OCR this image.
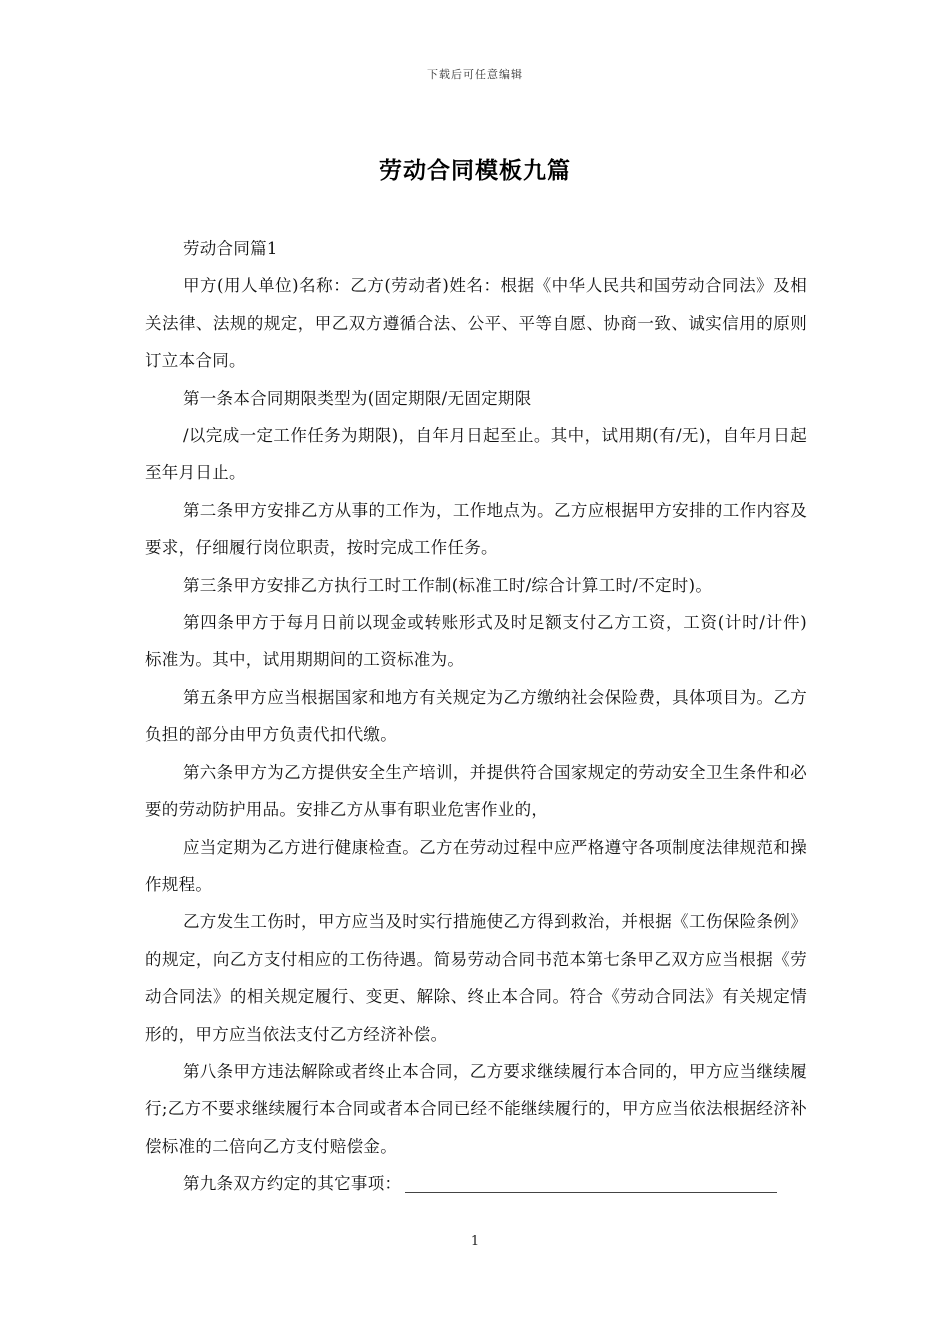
下载后可任意编辑
劳动合同模板九篇

劳动合同篇1

甲方(用人单位)名称：乙方(劳动者)姓名：根据《中华人民共和国劳动合同法》及相关法律、法规的规定，甲乙双方遵循合法、公平、平等自愿、协商一致、诚实信用的原则订立本合同。

第一条本合同期限类型为(固定期限/无固定期限

/以完成一定工作任务为期限)，自年月日起至止。其中，试用期(有/无)，自年月日起至年月日止。

第二条甲方安排乙方从事的工作为，工作地点为。乙方应根据甲方安排的工作内容及要求，仔细履行岗位职责，按时完成工作任务。

第三条甲方安排乙方执行工时工作制(标准工时/综合计算工时/不定时)。

第四条甲方于每月日前以现金或转账形式及时足额支付乙方工资，工资(计时/计件)标准为。其中，试用期期间的工资标准为。

第五条甲方应当根据国家和地方有关规定为乙方缴纳社会保险费，具体项目为。乙方负担的部分由甲方负责代扣代缴。

第六条甲方为乙方提供安全生产培训，并提供符合国家规定的劳动安全卫生条件和必要的劳动防护用品。安排乙方从事有职业危害作业的，

应当定期为乙方进行健康检查。乙方在劳动过程中应严格遵守各项制度法律规范和操作规程。

乙方发生工伤时，甲方应当及时实行措施使乙方得到救治，并根据《工伤保险条例》的规定，向乙方支付相应的工伤待遇。简易劳动合同书范本第七条甲乙双方应当根据《劳动合同法》的相关规定履行、变更、解除、终止本合同。符合《劳动合同法》有关规定情形的，甲方应当依法支付乙方经济补偿。

第八条甲方违法解除或者终止本合同，乙方要求继续履行本合同的，甲方应当继续履行;乙方不要求继续履行本合同或者本合同已经不能继续履行的，甲方应当依法根据经济补偿标准的二倍向乙方支付赔偿金。

第九条双方约定的其它事项：

1
